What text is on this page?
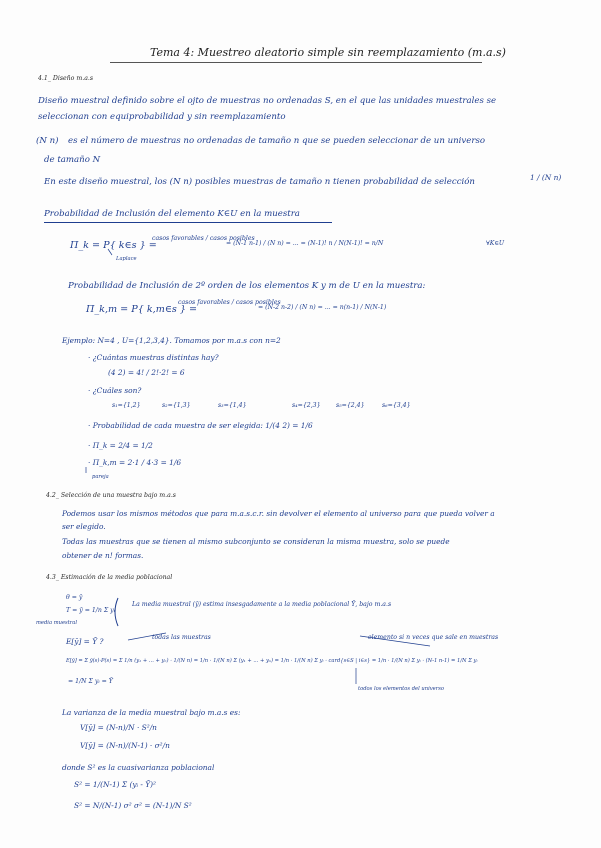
Tema 4: Muestreo aleatorio simple sin reemplazamiento (m.a.s)
4.1_ Diseño m.a.s
Diseño muestral definido sobre el ojto de muestras no ordenadas S, en el que las unidades muestrales se
seleccionan con equiprobabilidad y sin reemplazamiento
(N n) es el número de muestras no ordenadas de tamaño n que se pueden seleccionar de un universo
de tamaño N
En este diseño muestral, los (N n) posibles muestras de tamaño n tienen probabilidad de selección	1 / (N n)
Probabilidad de Inclusión del elemento K∈U en la muestra
Π_k = P{ k∈s } =
casos favorables / casos posibles
= (N-1 n-1) / (N n) = ... = (N-1)! n / N(N-1)! = n/N	∀K∈U
Laplace
Probabilidad de Inclusión de 2º orden de los elementos K y m de U en la muestra:
Π_k,m = P{ k,m∈s } =
casos favorables / casos posibles
= (N-2 n-2) / (N n) = ... = n(n-1) / N(N-1)
Ejemplo: N=4 , U={1,2,3,4}. Tomamos por m.a.s con n=2
· ¿Cuántas muestras distintas hay?
(4 2) = 4! / 2!·2! = 6
· ¿Cuáles son?
s₁={1,2}	s₂={1,3}	s₃={1,4}	s₄={2,3} s₅={2,4}	s₆={3,4}
· Probabilidad de cada muestra de ser elegida: 1/(4 2) = 1/6
· Π_k = 2/4 = 1/2
· Π_k,m = 2·1 / 4·3 = 1/6
pareja
4.2_ Selección de una muestra bajo m.a.s
Podemos usar los mismos métodos que para m.a.s.c.r. sin devolver el elemento al universo para que pueda volver a
ser elegido.
Todas las muestras que se tienen al mismo subconjunto se consideran la misma muestra, solo se puede
obtener de n! formas.
4.3_ Estimación de la media poblacional
θ = ȳ
T = ȳ = 1/n Σ yᵢ
media muestral
La media muestral (ȳ) estima insesgadamente a la media poblacional Ȳ, bajo m.a.s
todas las muestras	elemento si n veces que sale en muestras
E[ȳ] = Ȳ ?
E[ȳ] = Σ ȳ(s)·P(s) = Σ 1/n (y₁ + ... + yₙ) · 1/(N n) = 1/n · 1/(N n) Σ (y₁ + ... + yₙ) = 1/n · 1/(N n) Σ yᵢ · card{s∈S | i∈s} = 1/n · 1/(N n) Σ yᵢ · (N-1 n-1) = 1/N Σ yᵢ
= 1/N Σ yᵢ = Ȳ
todos los elementos del universo
La varianza de la media muestral bajo m.a.s es:
V[ȳ] = (N-n)/N · S²/n
V[ȳ] = (N-n)/(N-1) · σ²/n
donde S² es la cuasivarianza poblacional
S² = 1/(N-1) Σ (yᵢ - Ȳ)²
S² = N/(N-1) σ² σ² = (N-1)/N S²
